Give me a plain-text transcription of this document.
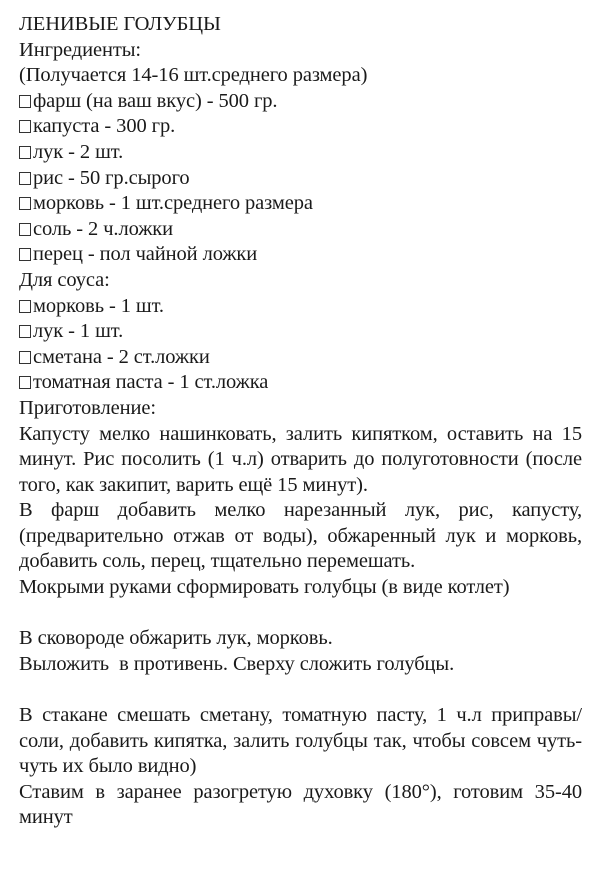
ЛЕНИВЫЕ ГОЛУБЦЫ
Ингредиенты:
(Получается 14-16 шт.среднего размера)
фарш (на ваш вкус) - 500 гр.
капуста - 300 гр.
лук - 2 шт.
рис - 50 гр.сырого
морковь - 1 шт.среднего размера
соль - 2 ч.ложки
перец - пол чайной ложки
Для соуса:
морковь - 1 шт.
лук - 1 шт.
сметана - 2 ст.ложки
томатная паста - 1 ст.ложка
Приготовление:
Капусту мелко нашинковать, залить кипятком, оставить на 15 минут. Рис посолить (1 ч.л) отварить до полуготовности (после того, как закипит, варить ещё 15 минут).
В фарш добавить мелко нарезанный лук, рис, капусту, (предварительно отжав от воды), обжаренный лук и морковь, добавить соль, перец, тщательно перемешать.
Мокрыми руками сформировать голубцы (в виде котлет)
В сковороде обжарить лук, морковь.
Выложить  в противень. Сверху сложить голубцы.
В стакане смешать сметану, томатную пасту, 1 ч.л приправы/соли, добавить кипятка, залить голубцы так, чтобы совсем чуть-чуть их было видно)
Ставим в заранее разогретую духовку (180°), готовим 35-40 минут
